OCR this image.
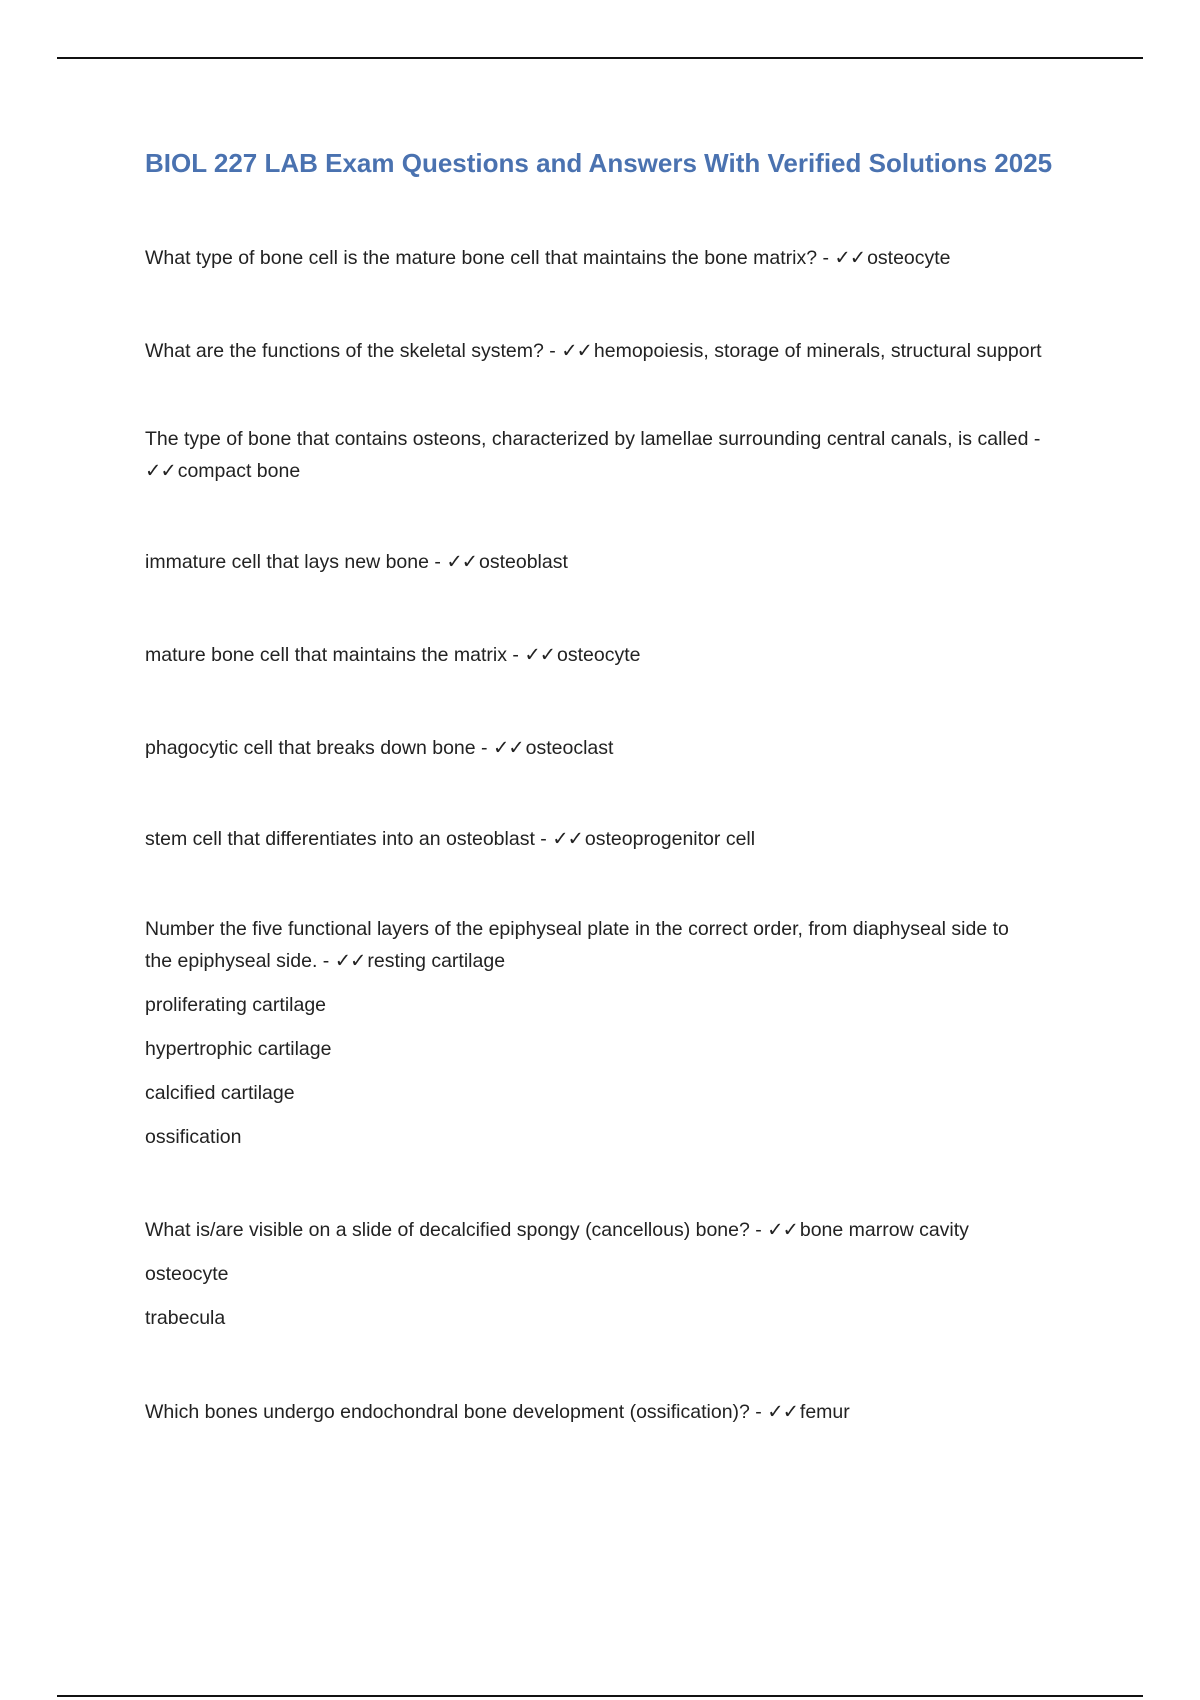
BIOL 227 LAB Exam Questions and Answers With Verified Solutions 2025

What type of bone cell is the mature bone cell that maintains the bone matrix? - ✓✓ osteocyte

What are the functions of the skeletal system? - ✓✓ hemopoiesis, storage of minerals, structural support

The type of bone that contains osteons, characterized by lamellae surrounding central canals, is called -

✓✓ compact bone

immature cell that lays new bone - ✓✓ osteoblast

mature bone cell that maintains the matrix - ✓✓ osteocyte

phagocytic cell that breaks down bone - ✓✓ osteoclast

stem cell that differentiates into an osteoblast - ✓✓ osteoprogenitor cell

Number the five functional layers of the epiphyseal plate in the correct order, from diaphyseal side to

the epiphyseal side. - ✓✓ resting cartilage

proliferating cartilage

hypertrophic cartilage

calcified cartilage

ossification

What is/are visible on a slide of decalcified spongy (cancellous) bone? - ✓✓ bone marrow cavity

osteocyte

trabecula

Which bones undergo endochondral bone development (ossification)? - ✓✓ femur
